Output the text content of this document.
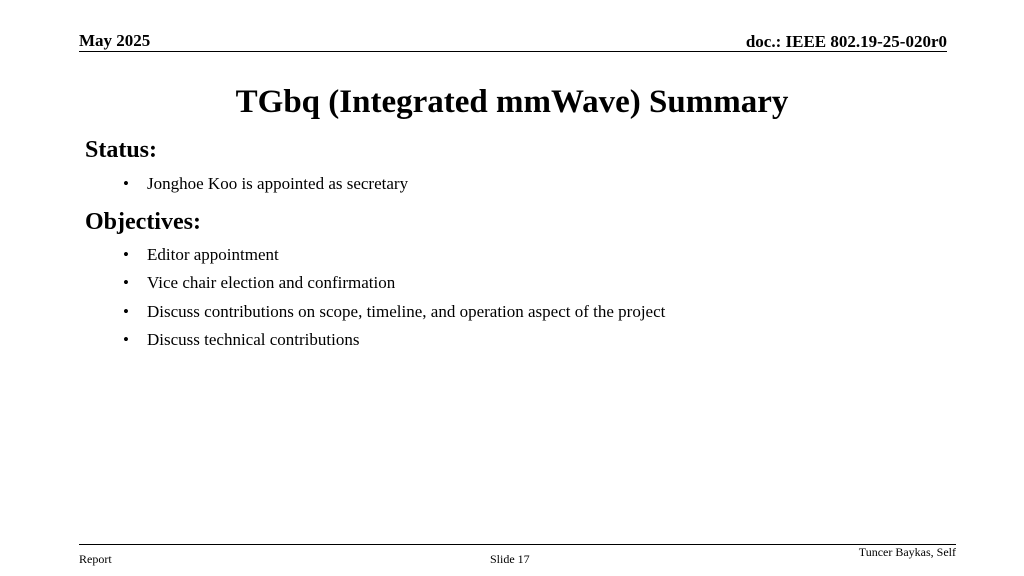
May 2025	doc.: IEEE 802.19-25-020r0
TGbq (Integrated mmWave) Summary
Status:
• Jonghoe Koo is appointed as secretary
Objectives:
• Editor appointment
• Vice chair election and confirmation
• Discuss contributions on scope, timeline, and operation aspect of the project
• Discuss technical contributions
Report	Slide 17	Tuncer Baykas, Self
